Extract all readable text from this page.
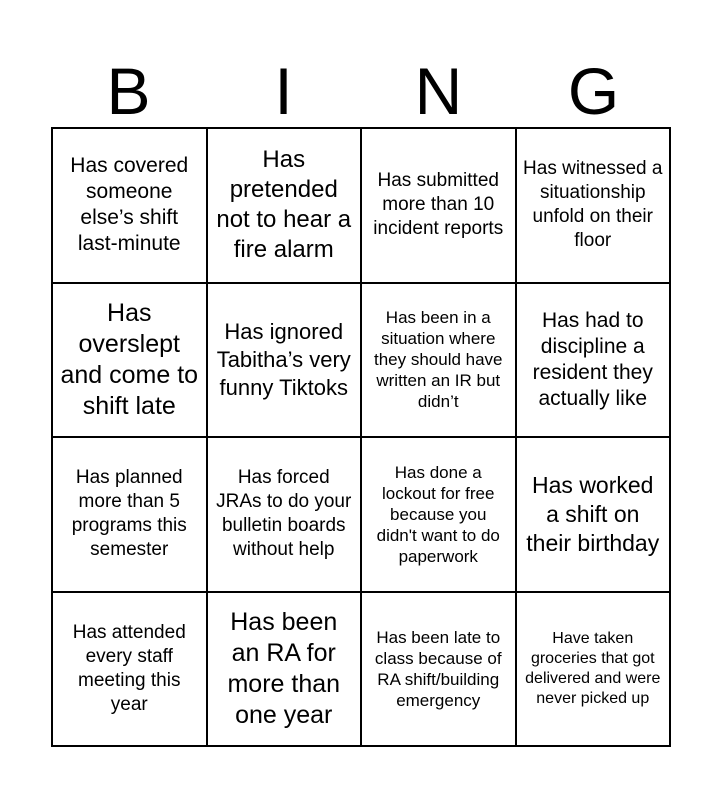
B	I	N	G
Has covered someone else’s shift last-minute
Has pretended not to hear a fire alarm
Has submitted more than 10 incident reports
Has witnessed a situationship unfold on their floor
Has overslept and come to shift late
Has ignored Tabitha’s very funny Tiktoks
Has been in a situation where they should have written an IR but didn’t
Has had to discipline a resident they actually like
Has planned more than 5 programs this semester
Has forced JRAs to do your bulletin boards without help
Has done a lockout for free because you didn't want to do paperwork
Has worked a shift on their birthday
Has attended every staff meeting this year
Has been an RA for more than one year
Has been late to class because of RA shift/building emergency
Have taken groceries that got delivered and were never picked up
